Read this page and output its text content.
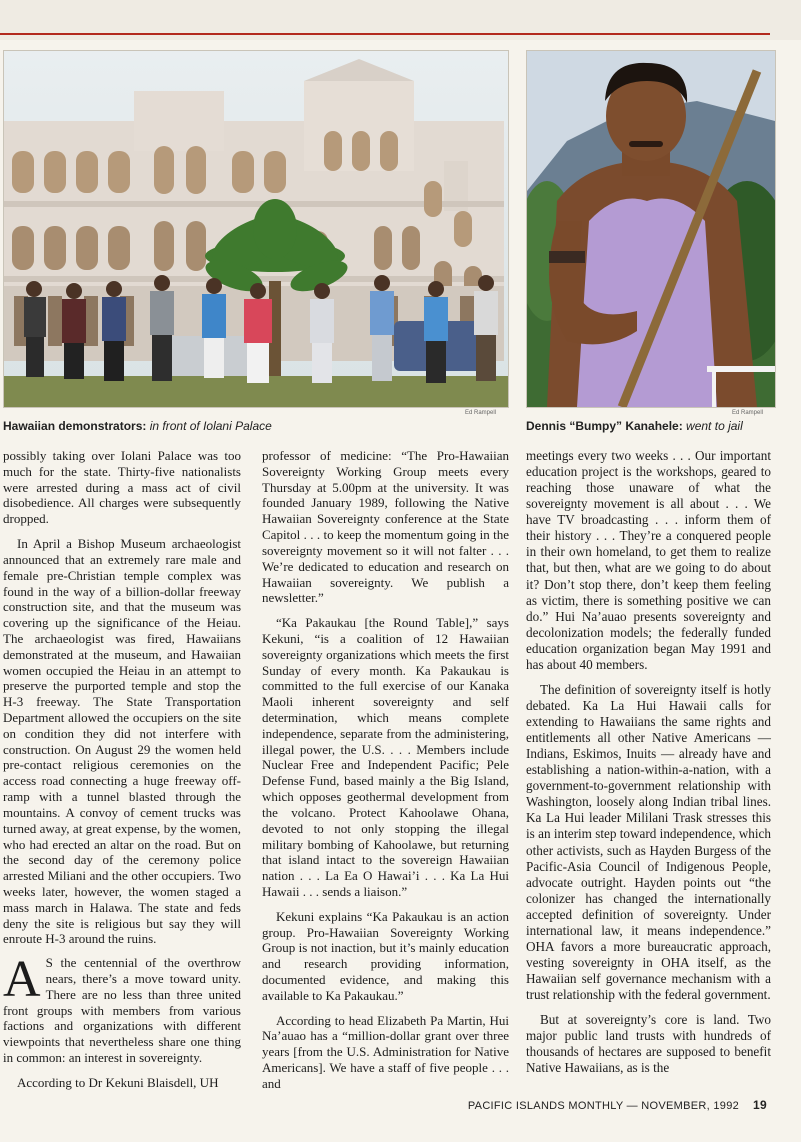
Ed Rampell
Hawaiian demonstrators: in front of Iolani Palace
Ed Rampell
Dennis “Bumpy” Kanahele: went to jail

possibly taking over Iolani Palace was too much for the state. Thirty-five nationalists were arrested during a mass act of civil disobedience. All charges were subsequently dropped.

In April a Bishop Museum archaeologist announced that an extremely rare male and female pre-Christian temple complex was found in the way of a billion-dollar freeway construction site, and that the museum was covering up the significance of the Heiau. The archaeologist was fired, Hawaiians demonstrated at the museum, and Hawaiian women occupied the Heiau in an attempt to preserve the purported temple and stop the H-3 freeway. The State Transportation Department allowed the occupiers on the site on condition they did not interfere with construction. On August 29 the women held pre-contact religious ceremonies on the access road connecting a huge freeway off-ramp with a tunnel blasted through the mountains. A convoy of cement trucks was turned away, at great expense, by the women, who had erected an altar on the road. But on the second day of the ceremony police arrested Miliani and the other occupiers. Two weeks later, however, the women staged a mass march in Halawa. The state and feds deny the site is religious but say they will enroute H-3 around the ruins.

A S the centennial of the overthrow nears, there’s a move toward unity. There are no less than three united front groups with members from various factions and organizations with different viewpoints that nevertheless share one thing in common: an interest in sovereignty.

According to Dr Kekuni Blaisdell, UH

professor of medicine: “The Pro-Hawaiian Sovereignty Working Group meets every Thursday at 5.00pm at the university. It was founded January 1989, following the Native Hawaiian Sovereignty conference at the State Capitol . . . to keep the momentum going in the sovereignty movement so it will not falter . . . We’re dedicated to education and research on Hawaiian sovereignty. We publish a newsletter.”

“Ka Pakaukau [the Round Table],” says Kekuni, “is a coalition of 12 Hawaiian sovereignty organizations which meets the first Sunday of every month. Ka Pakaukau is committed to the full exercise of our Kanaka Maoli inherent sovereignty and self determination, which means complete independence, separate from the administering, illegal power, the U.S. . . . Members include Nuclear Free and Independent Pacific; Pele Defense Fund, based mainly a the Big Island, which opposes geothermal development from the volcano. Protect Kahoolawe Ohana, devoted to not only stopping the illegal military bombing of Kahoolawe, but returning that island intact to the sovereign Hawaiian nation . . . La Ea O Hawai’i . . . Ka La Hui Hawaii . . . sends a liaison.”

Kekuni explains “Ka Pakaukau is an action group. Pro-Hawaiian Sovereignty Working Group is not inaction, but it’s mainly education and research providing information, documented evidence, and making this available to Ka Pakaukau.”

According to head Elizabeth Pa Martin, Hui Na’auao has a “million-dollar grant over three years [from the U.S. Administration for Native Americans]. We have a staff of five people . . . and

meetings every two weeks . . . Our important education project is the workshops, geared to reaching those unaware of what the sovereignty movement is all about . . . We have TV broadcasting . . . inform them of their history . . . They’re a conquered people in their own homeland, to get them to realize that, but then, what are we going to do about it? Don’t stop there, don’t keep them feeling as victim, there is something positive we can do.” Hui Na’auao presents sovereignty and decolonization models; the federally funded education organization began May 1991 and has about 40 members.

The definition of sovereignty itself is hotly debated. Ka La Hui Hawaii calls for extending to Hawaiians the same rights and entitlements all other Native Americans — Indians, Eskimos, Inuits — already have and establishing a nation-within-a-nation, with a government-to-government relationship with Washington, loosely along Indian tribal lines. Ka La Hui leader Mililani Trask stresses this is an interim step toward independence, which other activists, such as Hayden Burgess of the Pacific-Asia Council of Indigenous People, advocate outright. Hayden points out “the colonizer has changed the internationally accepted definition of sovereignty. Under international law, it means independence.” OHA favors a more bureaucratic approach, vesting sovereignty in OHA itself, as the Hawaiian self governance mechanism with a trust relationship with the federal government.

But at sovereignty’s core is land. Two major public land trusts with hundreds of thousands of hectares are supposed to benefit Native Hawaiians, as is the

PACIFIC ISLANDS MONTHLY — NOVEMBER, 1992 19
